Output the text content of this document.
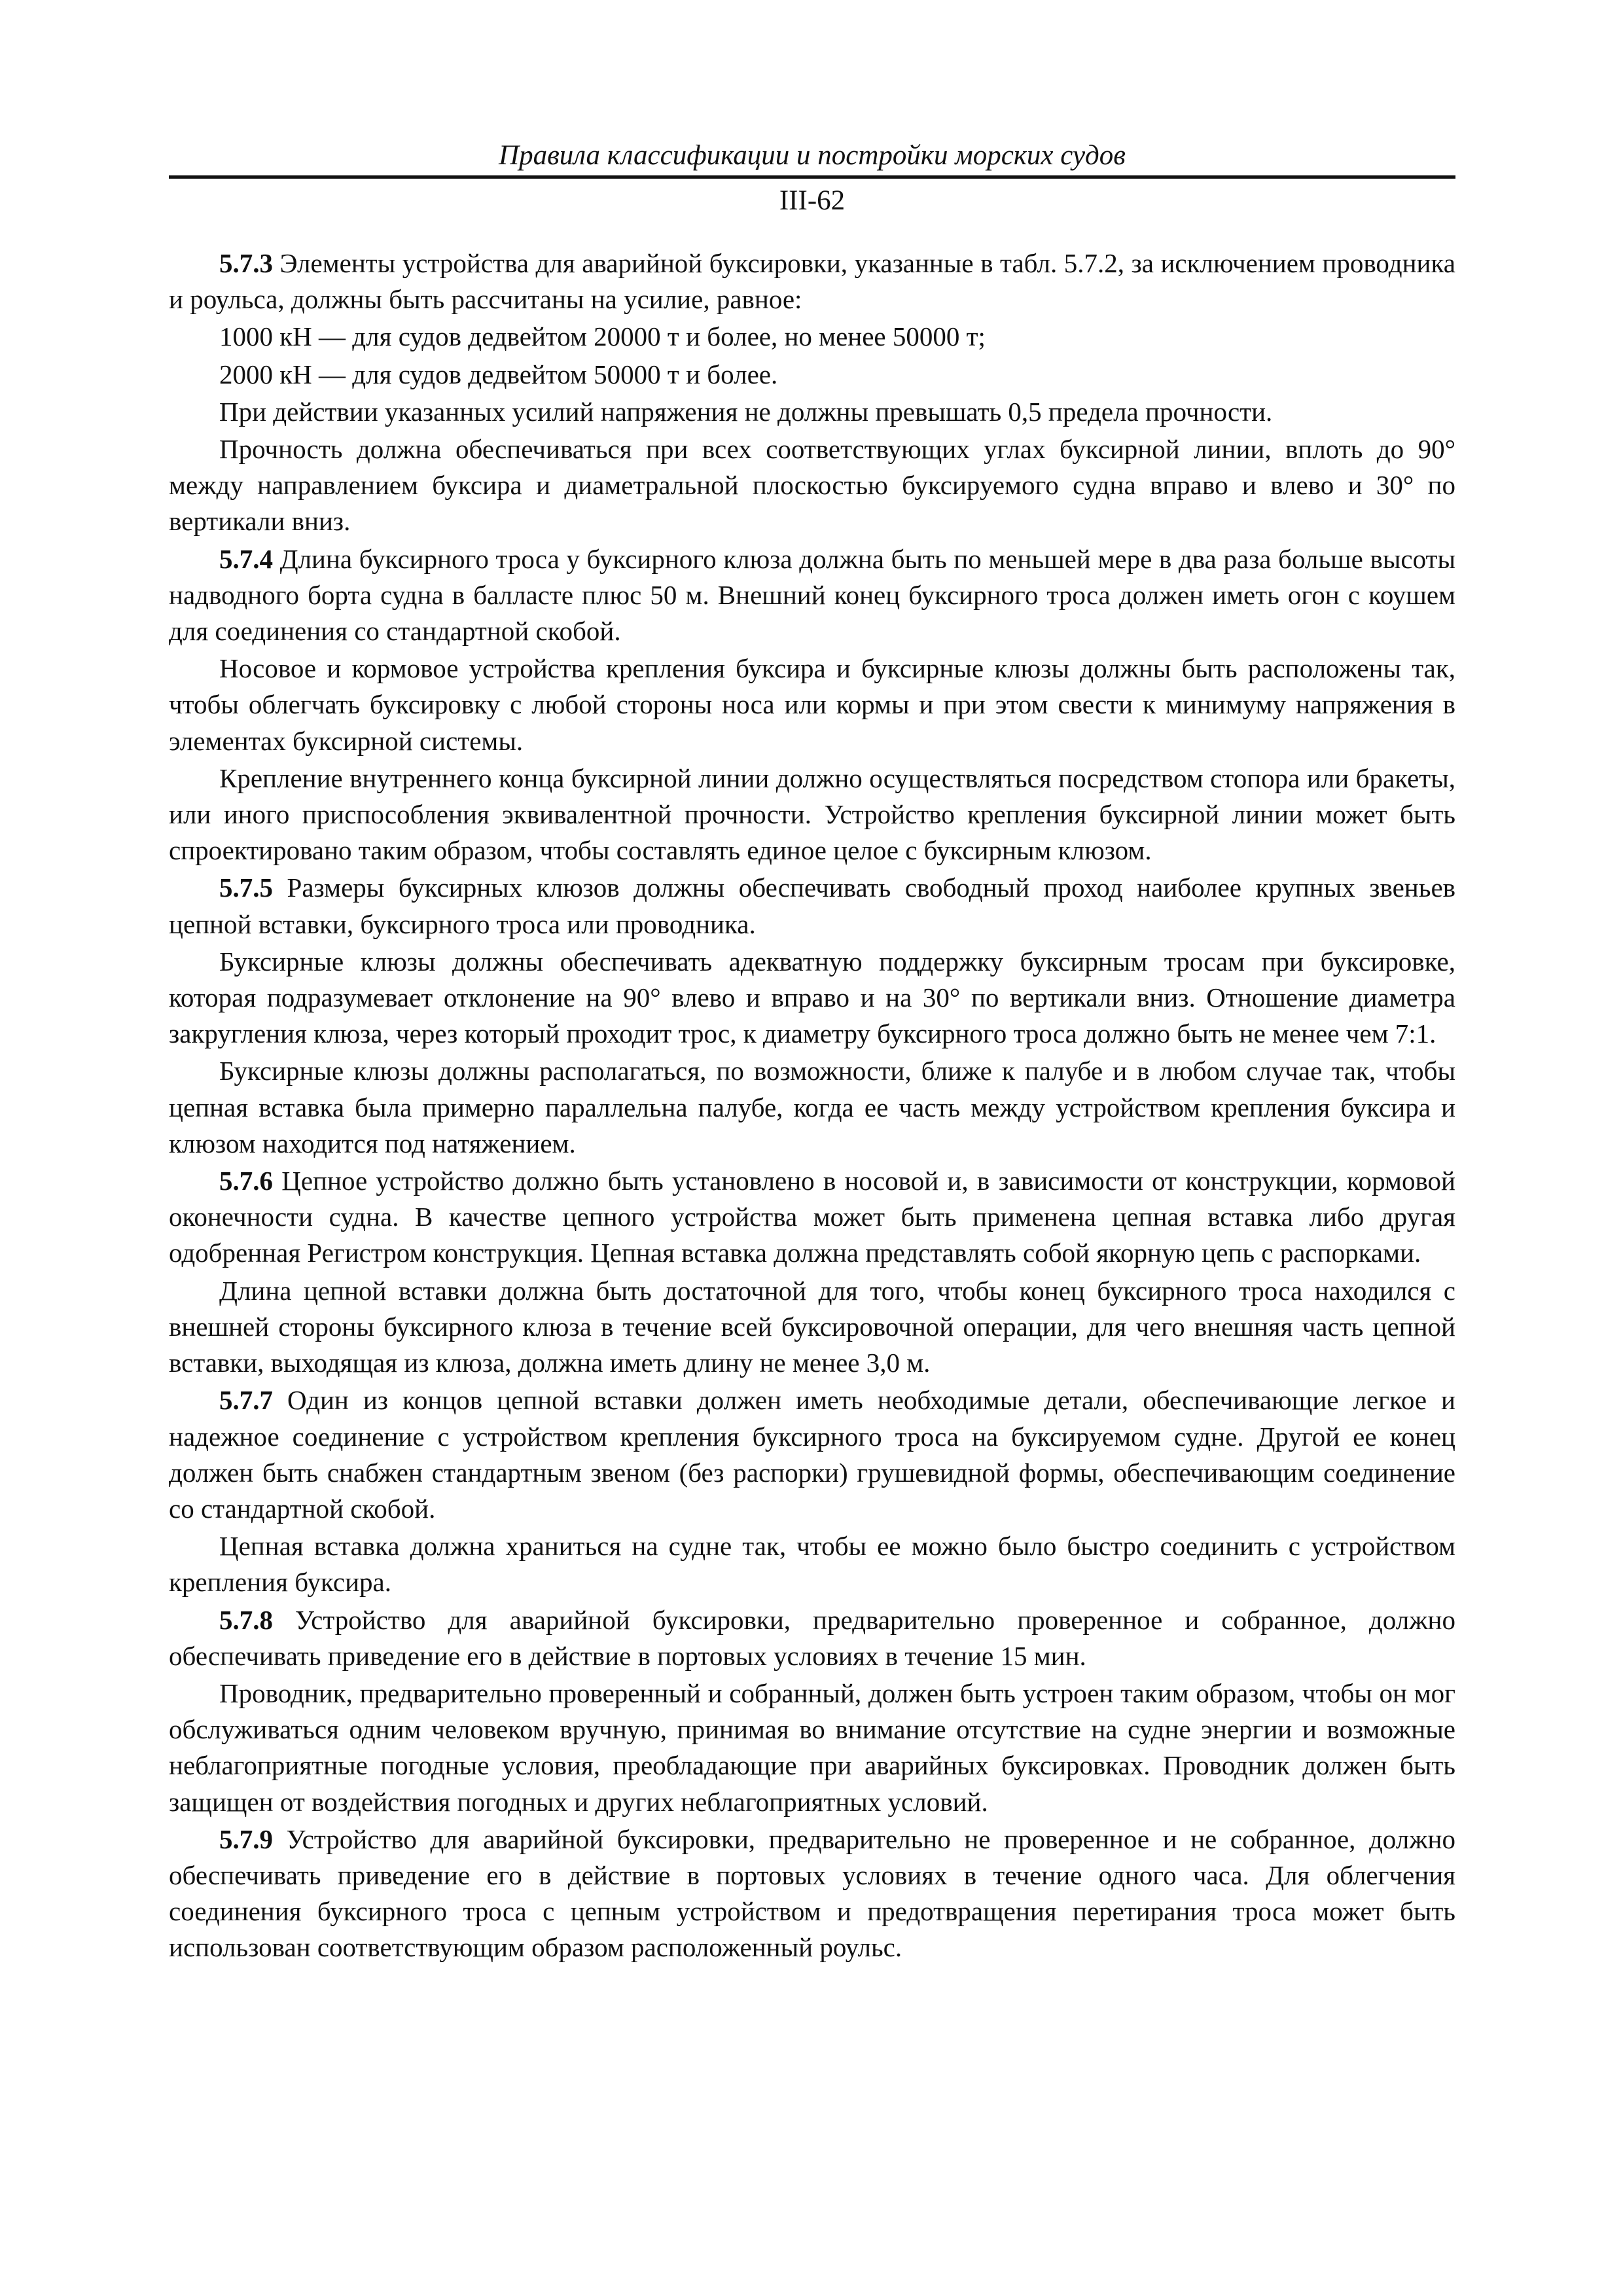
Правила классификации и постройки морских судов
III-62

5.7.3 Элементы устройства для аварийной буксировки, указанные в табл. 5.7.2, за исключением проводника и роульса, должны быть рассчитаны на усилие, равное:

1000 кН — для судов дедвейтом 20000 т и более, но менее 50000 т;

2000 кН — для судов дедвейтом 50000 т и более.

При действии указанных усилий напряжения не должны превышать 0,5 предела прочности.

Прочность должна обеспечиваться при всех соответствующих углах буксирной линии, вплоть до 90° между направлением буксира и диаметральной плоскостью буксируемого судна вправо и влево и 30° по вертикали вниз.

5.7.4 Длина буксирного троса у буксирного клюза должна быть по меньшей мере в два раза больше высоты надводного борта судна в балласте плюс 50 м. Внешний конец буксирного троса должен иметь огон с коушем для соединения со стандартной скобой.

Носовое и кормовое устройства крепления буксира и буксирные клюзы должны быть расположены так, чтобы облегчать буксировку с любой стороны носа или кормы и при этом свести к минимуму напряжения в элементах буксирной системы.

Крепление внутреннего конца буксирной линии должно осуществляться посредством стопора или бракеты, или иного приспособления эквивалентной прочности. Устройство крепления буксирной линии может быть спроектировано таким образом, чтобы составлять единое целое с буксирным клюзом.

5.7.5 Размеры буксирных клюзов должны обеспечивать свободный проход наиболее крупных звеньев цепной вставки, буксирного троса или проводника.

Буксирные клюзы должны обеспечивать адекватную поддержку буксирным тросам при буксировке, которая подразумевает отклонение на 90° влево и вправо и на 30° по вертикали вниз. Отношение диаметра закругления клюза, через который проходит трос, к диаметру буксирного троса должно быть не менее чем 7:1.

Буксирные клюзы должны располагаться, по возможности, ближе к палубе и в любом случае так, чтобы цепная вставка была примерно параллельна палубе, когда ее часть между устройством крепления буксира и клюзом находится под натяжением.

5.7.6 Цепное устройство должно быть установлено в носовой и, в зависимости от конструкции, кормовой оконечности судна. В качестве цепного устройства может быть применена цепная вставка либо другая одобренная Регистром конструкция. Цепная вставка должна представлять собой якорную цепь с распорками.

Длина цепной вставки должна быть достаточной для того, чтобы конец буксирного троса находился с внешней стороны буксирного клюза в течение всей буксировочной операции, для чего внешняя часть цепной вставки, выходящая из клюза, должна иметь длину не менее 3,0 м.

5.7.7 Один из концов цепной вставки должен иметь необходимые детали, обеспечивающие легкое и надежное соединение с устройством крепления буксирного троса на буксируемом судне. Другой ее конец должен быть снабжен стандартным звеном (без распорки) грушевидной формы, обеспечивающим соединение со стандартной скобой.

Цепная вставка должна храниться на судне так, чтобы ее можно было быстро соединить с устройством крепления буксира.

5.7.8 Устройство для аварийной буксировки, предварительно проверенное и собранное, должно обеспечивать приведение его в действие в портовых условиях в течение 15 мин.

Проводник, предварительно проверенный и собранный, должен быть устроен таким образом, чтобы он мог обслуживаться одним человеком вручную, принимая во внимание отсутствие на судне энергии и возможные неблагоприятные погодные условия, преобладающие при аварийных буксировках. Проводник должен быть защищен от воздействия погодных и других неблагоприятных условий.

5.7.9 Устройство для аварийной буксировки, предварительно не проверенное и не собранное, должно обеспечивать приведение его в действие в портовых условиях в течение одного часа. Для облегчения соединения буксирного троса с цепным устройством и предотвращения перетирания троса может быть использован соответствующим образом расположенный роульс.
